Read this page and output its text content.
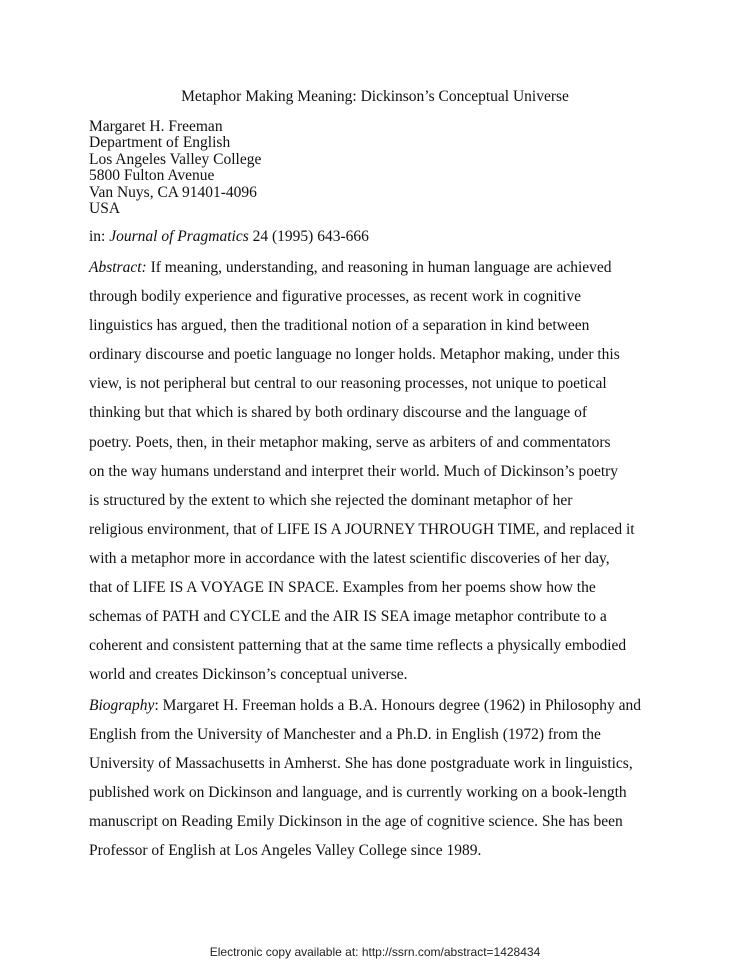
Metaphor Making Meaning: Dickinson’s Conceptual Universe
Margaret H. Freeman
Department of English
Los Angeles Valley College
5800 Fulton Avenue
Van Nuys, CA 91401-4096
USA
in: Journal of Pragmatics 24 (1995) 643-666
Abstract: If meaning, understanding, and reasoning in human language are achieved
through bodily experience and figurative processes, as recent work in cognitive
linguistics has argued, then the traditional notion of a separation in kind between
ordinary discourse and poetic language no longer holds. Metaphor making, under this
view, is not peripheral but central to our reasoning processes, not unique to poetical
thinking but that which is shared by both ordinary discourse and the language of
poetry. Poets, then, in their metaphor making, serve as arbiters of and commentators
on the way humans understand and interpret their world. Much of Dickinson’s poetry
is structured by the extent to which she rejected the dominant metaphor of her
religious environment, that of LIFE IS A JOURNEY THROUGH TIME, and replaced it
with a metaphor more in accordance with the latest scientific discoveries of her day,
that of LIFE IS A VOYAGE IN SPACE. Examples from her poems show how the
schemas of PATH and CYCLE and the AIR IS SEA image metaphor contribute to a
coherent and consistent patterning that at the same time reflects a physically embodied
world and creates Dickinson’s conceptual universe.
Biography: Margaret H. Freeman holds a B.A. Honours degree (1962) in Philosophy and
English from the University of Manchester and a Ph.D. in English (1972) from the
University of Massachusetts in Amherst. She has done postgraduate work in linguistics,
published work on Dickinson and language, and is currently working on a book-length
manuscript on Reading Emily Dickinson in the age of cognitive science. She has been
Professor of English at Los Angeles Valley College since 1989.
Electronic copy available at: http://ssrn.com/abstract=1428434
